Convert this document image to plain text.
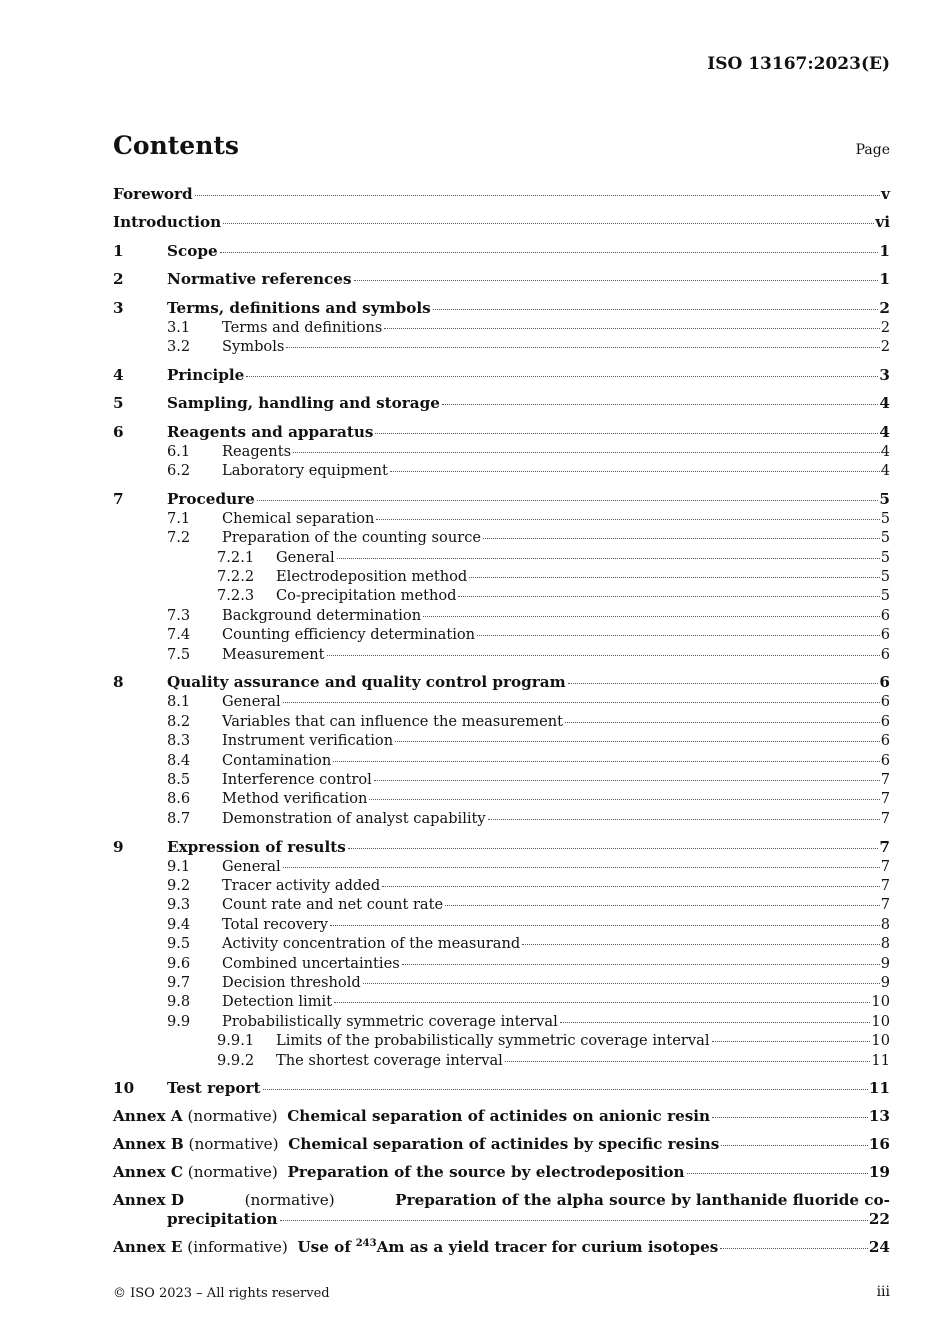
ISO 13167:2023(E)
Contents	Page
Foreword	v
Introduction	vi
1	Scope	1
2	Normative references	1
3	Terms, definitions and symbols	2
3.1	Terms and definitions	2
3.2	Symbols	2
4	Principle	3
5	Sampling, handling and storage	4
6	Reagents and apparatus	4
6.1	Reagents	4
6.2	Laboratory equipment	4
7	Procedure	5
7.1	Chemical separation	5
7.2	Preparation of the counting source	5
7.2.1	General	5
7.2.2	Electrodeposition method	5
7.2.3	Co-precipitation method	5
7.3	Background determination	6
7.4	Counting efficiency determination	6
7.5	Measurement	6
8	Quality assurance and quality control program	6
8.1	General	6
8.2	Variables that can influence the measurement	6
8.3	Instrument verification	6
8.4	Contamination	6
8.5	Interference control	7
8.6	Method verification	7
8.7	Demonstration of analyst capability	7
9	Expression of results	7
9.1	General	7
9.2	Tracer activity added	7
9.3	Count rate and net count rate	7
9.4	Total recovery	8
9.5	Activity concentration of the measurand	8
9.6	Combined uncertainties	9
9.7	Decision threshold	9
9.8	Detection limit	10
9.9	Probabilistically symmetric coverage interval	10
9.9.1	Limits of the probabilistically symmetric coverage interval	10
9.9.2	The shortest coverage interval	11
10	Test report	11
Annex A (normative) Chemical separation of actinides on anionic resin	13
Annex B (normative) Chemical separation of actinides by specific resins	16
Annex C (normative) Preparation of the source by electrodeposition	19
Annex D	(normative)	Preparation of the alpha source by lanthanide fluoride co-
precipitation	22
Annex E (informative) Use of $^{243}$Am as a yield tracer for curium isotopes	24
© ISO 2023 – All rights reserved	iii
